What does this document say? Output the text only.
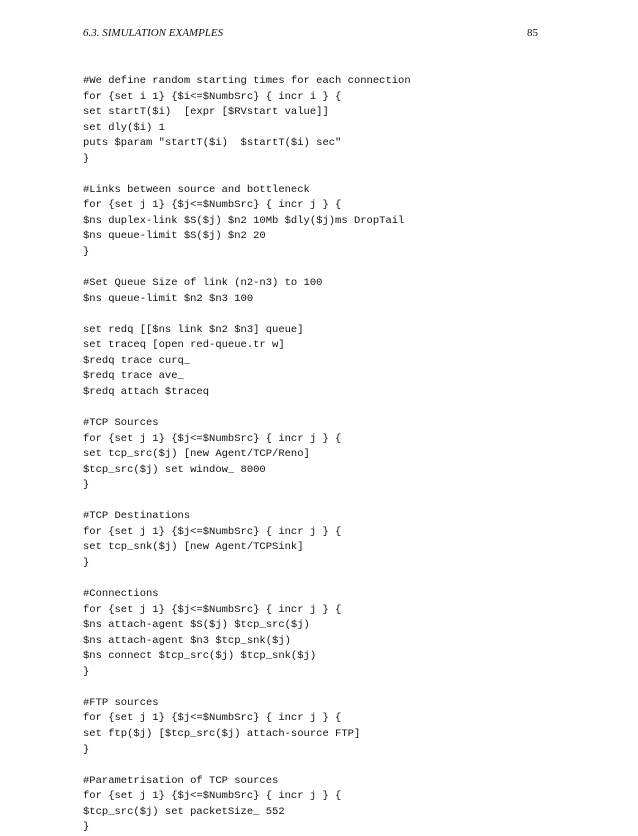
6.3. SIMULATION EXAMPLES	85
#We define random starting times for each connection
for {set i 1} {$i<=$NumbSrc} { incr i } {
set startT($i)  [expr [$RVstart value]]
set dly($i) 1
puts $param "startT($i)  $startT($i) sec"
}
#Links between source and bottleneck
for {set j 1} {$j<=$NumbSrc} { incr j } {
$ns duplex-link $S($j) $n2 10Mb $dly($j)ms DropTail
$ns queue-limit $S($j) $n2 20
}
#Set Queue Size of link (n2-n3) to 100
$ns queue-limit $n2 $n3 100
set redq [[$ns link $n2 $n3] queue]
set traceq [open red-queue.tr w]
$redq trace curq_
$redq trace ave_
$redq attach $traceq
#TCP Sources
for {set j 1} {$j<=$NumbSrc} { incr j } {
set tcp_src($j) [new Agent/TCP/Reno]
$tcp_src($j) set window_ 8000
}
#TCP Destinations
for {set j 1} {$j<=$NumbSrc} { incr j } {
set tcp_snk($j) [new Agent/TCPSink]
}
#Connections
for {set j 1} {$j<=$NumbSrc} { incr j } {
$ns attach-agent $S($j) $tcp_src($j)
$ns attach-agent $n3 $tcp_snk($j)
$ns connect $tcp_src($j) $tcp_snk($j)
}
#FTP sources
for {set j 1} {$j<=$NumbSrc} { incr j } {
set ftp($j) [$tcp_src($j) attach-source FTP]
}
#Parametrisation of TCP sources
for {set j 1} {$j<=$NumbSrc} { incr j } {
$tcp_src($j) set packetSize_ 552
}
